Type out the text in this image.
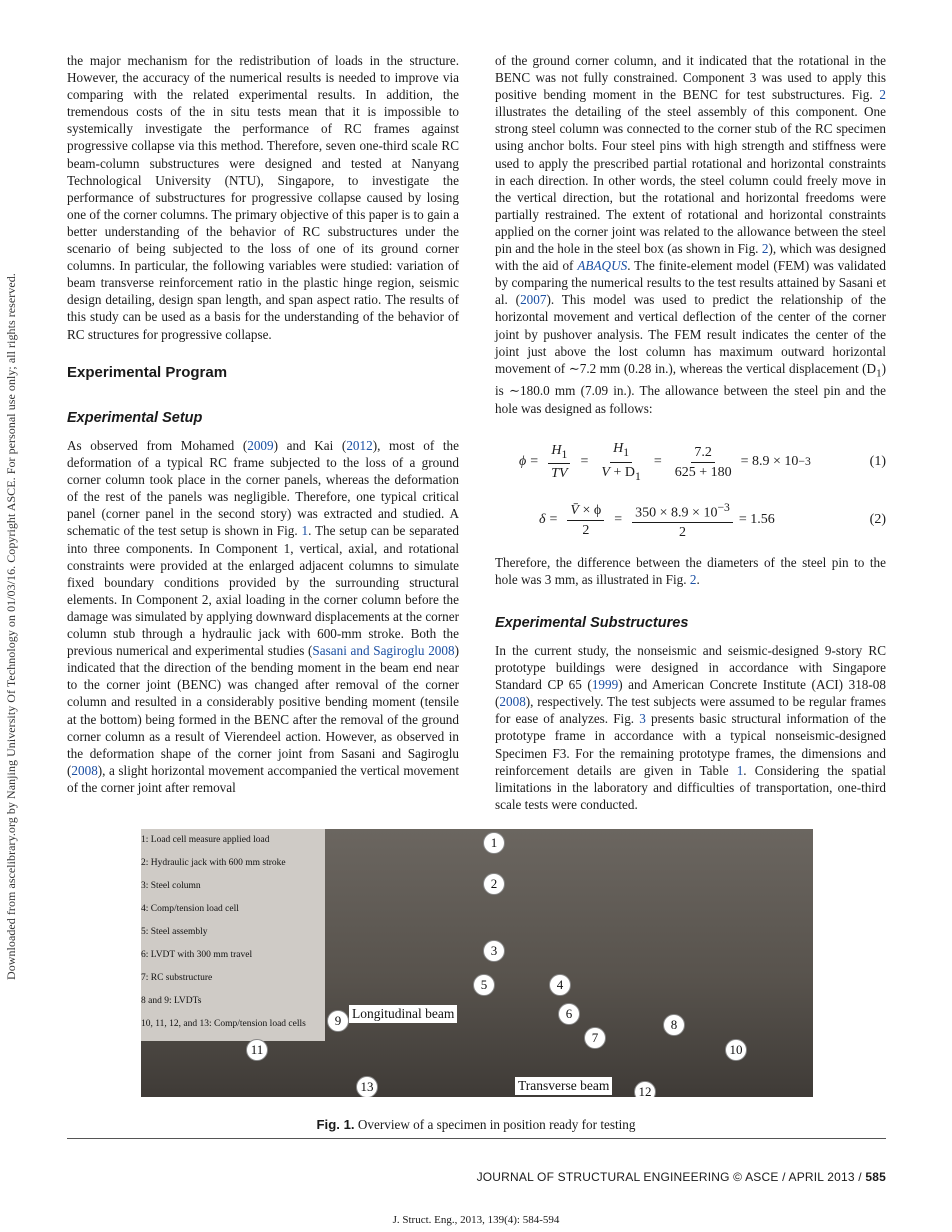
Downloaded from ascelibrary.org by Nanjing University Of Technology on 01/03/16. Copyright ASCE. For personal use only; all rights reserved.

the major mechanism for the redistribution of loads in the structure. However, the accuracy of the numerical results is needed to improve via comparing with the related experimental results. In addition, the tremendous costs of the in situ tests mean that it is impossible to systemically investigate the performance of RC frames against progressive collapse via this method. Therefore, seven one-third scale RC beam-column substructures were designed and tested at Nanyang Technological University (NTU), Singapore, to investigate the performance of substructures for progressive collapse caused by losing one of the corner columns. The primary objective of this paper is to gain a better understanding of the behavior of RC substructures under the scenario of being subjected to the loss of one of its ground corner columns. In particular, the following variables were studied: variation of beam transverse reinforcement ratio in the plastic hinge region, seismic design detailing, design span length, and span aspect ratio. The results of this study can be used as a basis for the understanding of the behavior of RC structures for progressive collapse.

Experimental Program
Experimental Setup

As observed from Mohamed (2009) and Kai (2012), most of the deformation of a typical RC frame subjected to the loss of a ground corner column took place in the corner panels, whereas the deformation of the rest of the panels was negligible. Therefore, one typical critical panel (corner panel in the second story) was extracted and studied. A schematic of the test setup is shown in Fig. 1. The setup can be separated into three components. In Component 1, vertical, axial, and rotational constraints were provided at the enlarged adjacent columns to simulate fixed boundary conditions provided by the surrounding structural elements. In Component 2, axial loading in the corner column before the damage was simulated by applying downward displacements at the corner column stub through a hydraulic jack with 600-mm stroke. Both the previous numerical and experimental studies (Sasani and Sagiroglu 2008) indicated that the direction of the bending moment in the beam end near to the corner joint (BENC) was changed after removal of the corner column and resulted in a considerably positive bending moment (tensile at the bottom) being formed in the BENC after the removal of the ground corner column as a result of Vierendeel action. However, as observed in the deformation shape of the corner joint from Sasani and Sagiroglu (2008), a slight horizontal movement accompanied the vertical movement of the corner joint after removal

of the ground corner column, and it indicated that the rotational in the BENC was not fully constrained. Component 3 was used to apply this positive bending moment in the BENC for test substructures. Fig. 2 illustrates the detailing of the steel assembly of this component. One strong steel column was connected to the corner stub of the RC specimen using anchor bolts. Four steel pins with high strength and stiffness were used to apply the prescribed partial rotational and horizontal constraints in each direction. In other words, the steel column could freely move in the vertical direction, but the rotational and horizontal freedoms were partially restrained. The extent of rotational and horizontal constraints applied on the corner joint was related to the allowance between the steel pin and the hole in the steel box (as shown in Fig. 2), which was designed with the aid of ABAQUS. The finite-element model (FEM) was validated by comparing the numerical results to the test results attained by Sasani et al. (2007). This model was used to predict the relationship of the horizontal movement and vertical deflection of the center of the corner joint by pushover analysis. The FEM result indicates the center of the joint just above the lost column has maximum outward horizontal movement of ∼7.2 mm (0.28 in.), whereas the vertical displacement $(D_1)$ is ∼180.0 mm (7.09 in.). The allowance between the steel pin and the hole was designed as follows:

$\phi = \frac{H_1}{TV} = \frac{H_1}{V + D_1} = \frac{7.2}{625 + 180} = 8.9 \times 10 -3$	(1)
$\delta = \frac{V̄ \times \phi}{2} = \frac{350 \times 8.9 \times 10^{-3}}{2} = 1.56$	(2)

Therefore, the difference between the diameters of the steel pin to the hole was 3 mm, as illustrated in Fig. 2.

Experimental Substructures

In the current study, the nonseismic and seismic-designed 9-story RC prototype buildings were designed in accordance with Singapore Standard CP 65 (1999) and American Concrete Institute (ACI) 318-08 (2008), respectively. The test subjects were assumed to be regular frames for ease of analyzes. Fig. 3 presents basic structural information of the prototype frame in accordance with a typical nonseismic-designed Specimen F3. For the remaining prototype frames, the dimensions and reinforcement details are given in Table 1. Considering the spatial limitations in the laboratory and difficulties of transportation, one-third scale tests were conducted.

1: Load cell measure applied load
2: Hydraulic jack with 600 mm stroke
3: Steel column
4: Comp/tension load cell
5: Steel assembly
6: LVDT with 300 mm travel
7: RC substructure
8 and 9: LVDTs
10, 11, 12, and 13: Comp/tension load cells
1
2
3
4
5
6
7
8
9
10
11
12
13
Longitudinal beam
Transverse beam
Fig. 1. Overview of a specimen in position ready for testing
JOURNAL OF STRUCTURAL ENGINEERING © ASCE / APRIL 2013 / 585
J. Struct. Eng., 2013, 139(4): 584-594
